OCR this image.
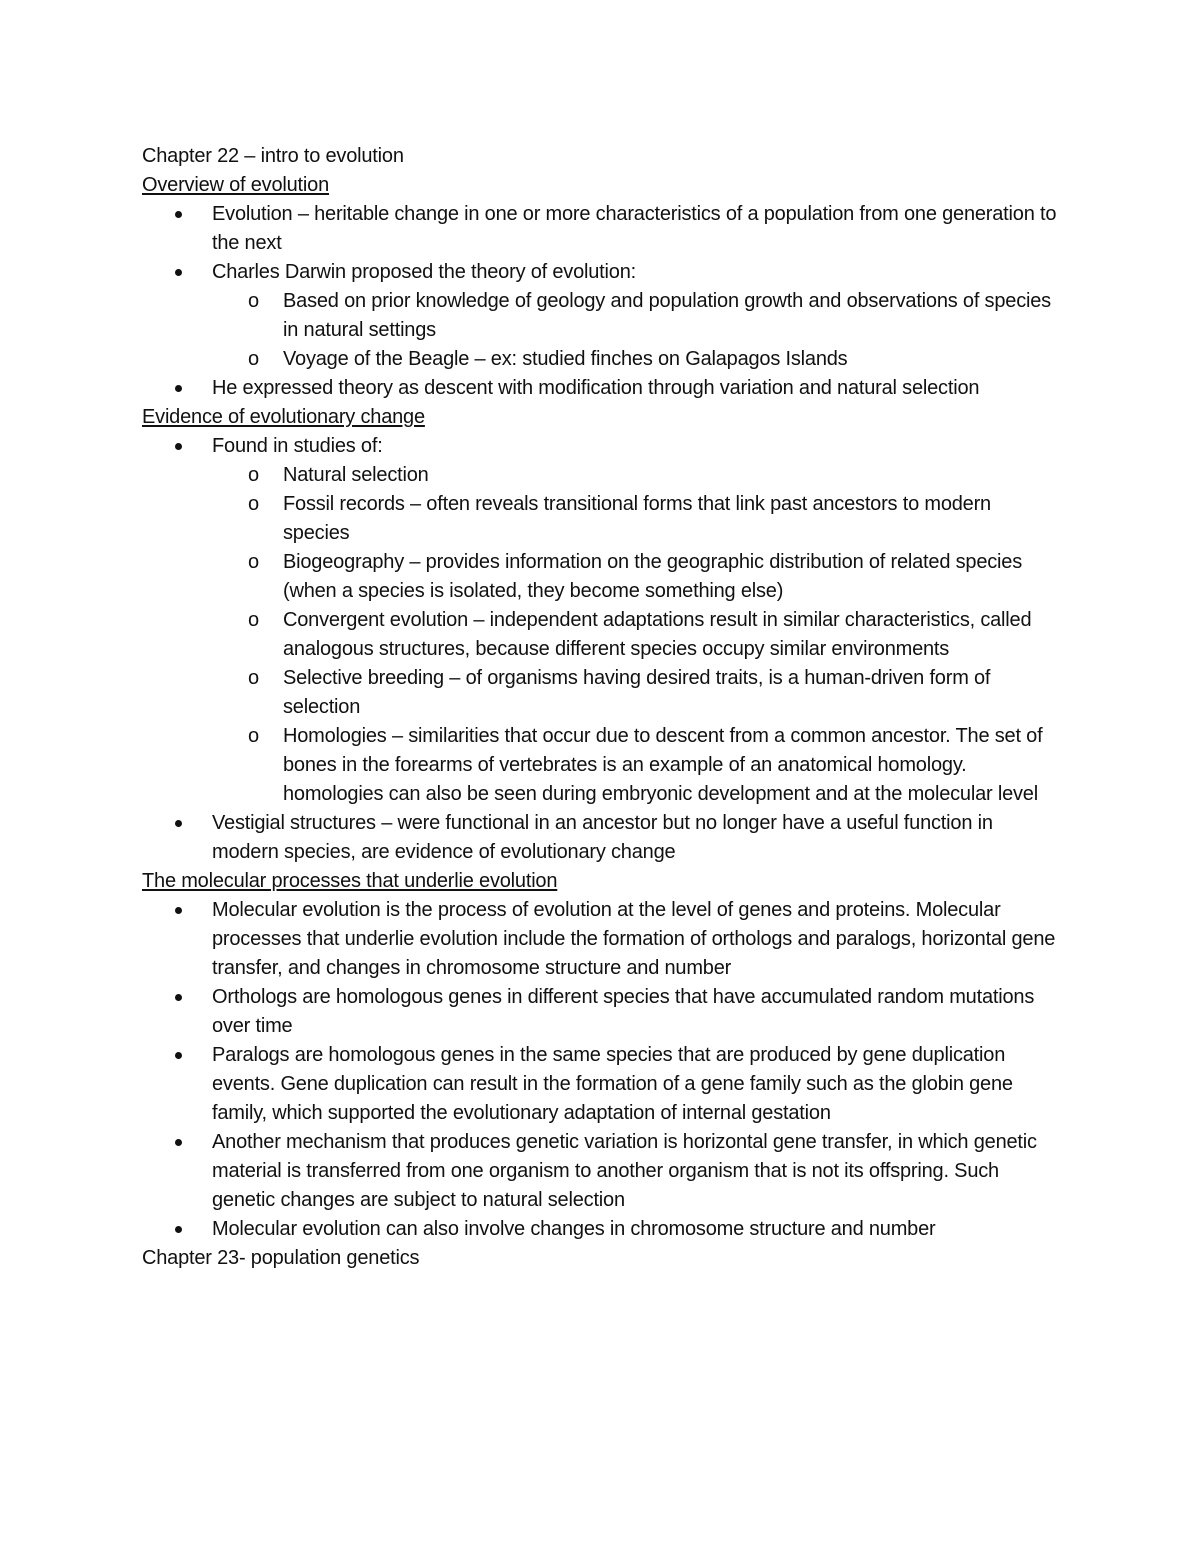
Chapter 22 – intro to evolution
Overview of evolution
Evolution – heritable change in one or more characteristics of a population from one generation to the next
Charles Darwin proposed the theory of evolution:
o Based on prior knowledge of geology and population growth and observations of species in natural settings
o Voyage of the Beagle – ex: studied finches on Galapagos Islands
He expressed theory as descent with modification through variation and natural selection
Evidence of evolutionary change
Found in studies of:
o Natural selection
o Fossil records – often reveals transitional forms that link past ancestors to modern species
o Biogeography – provides information on the geographic distribution of related species (when a species is isolated, they become something else)
o Convergent evolution – independent adaptations result in similar characteristics, called analogous structures, because different species occupy similar environments
o Selective breeding – of organisms having desired traits, is a human-driven form of selection
o Homologies – similarities that occur due to descent from a common ancestor. The set of bones in the forearms of vertebrates is an example of an anatomical homology. homologies can also be seen during embryonic development and at the molecular level
Vestigial structures – were functional in an ancestor but no longer have a useful function in modern species, are evidence of evolutionary change
The molecular processes that underlie evolution
Molecular evolution is the process of evolution at the level of genes and proteins. Molecular processes that underlie evolution include the formation of orthologs and paralogs, horizontal gene transfer, and changes in chromosome structure and number
Orthologs are homologous genes in different species that have accumulated random mutations over time
Paralogs are homologous genes in the same species that are produced by gene duplication events. Gene duplication can result in the formation of a gene family such as the globin gene family, which supported the evolutionary adaptation of internal gestation
Another mechanism that produces genetic variation is horizontal gene transfer, in which genetic material is transferred from one organism to another organism that is not its offspring. Such genetic changes are subject to natural selection
Molecular evolution can also involve changes in chromosome structure and number
Chapter 23- population genetics
